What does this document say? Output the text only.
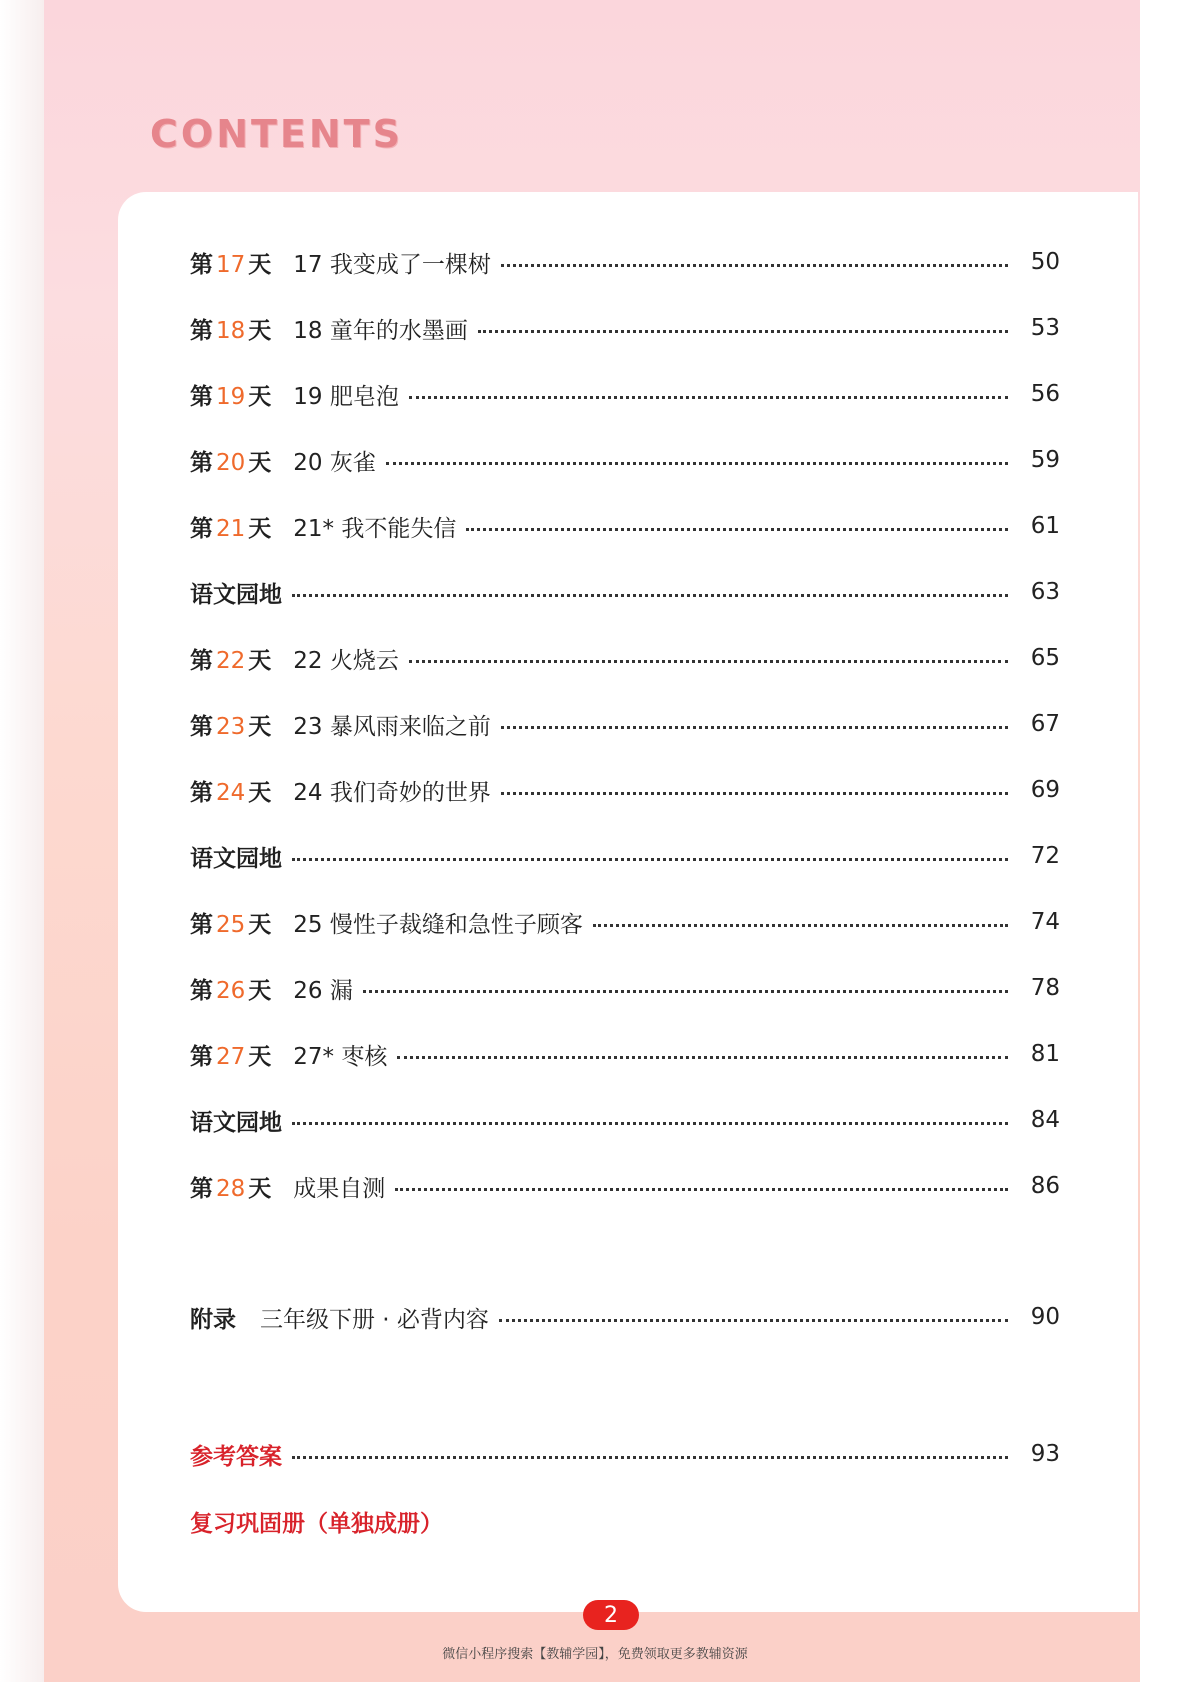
CONTENTS
第 17 天 17 我变成了一棵树	50
第 18 天 18 童年的水墨画	53
第 19 天 19 肥皂泡	56
第 20 天 20 灰雀	59
第 21 天 21* 我不能失信	61
语文园地	63
第 22 天 22 火烧云	65
第 23 天 23 暴风雨来临之前	67
第 24 天 24 我们奇妙的世界	69
语文园地	72
第 25 天 25 慢性子裁缝和急性子顾客	74
第 26 天 26 漏	78
第 27 天 27* 枣核	81
语文园地	84
第 28 天 成果自测	86
附录 三年级下册 · 必背内容	90
参考答案	93
复习巩固册（单独成册）
2
微信小程序搜索【教辅学园】，免费领取更多教辅资源
